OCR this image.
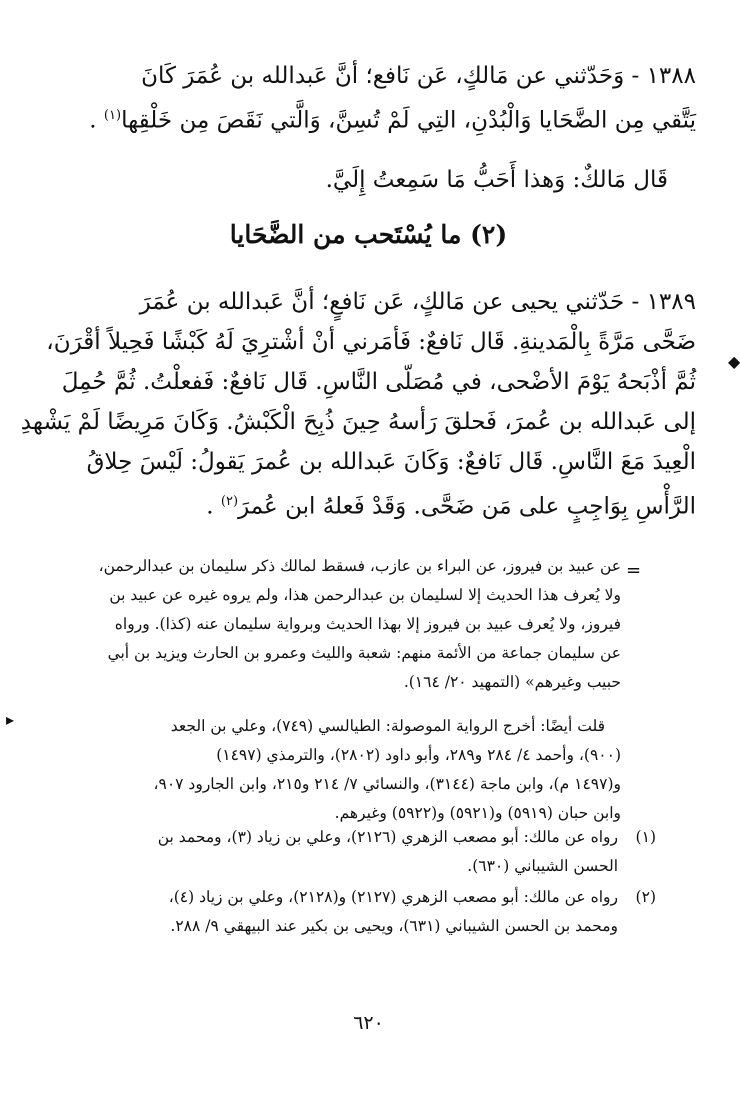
١٣٨٨ - وَحَدّثني عن مَالكٍ، عَن نَافع؛ أنَّ عَبدالله بن عُمَرَ كَانَ
يَتَّقي مِن الضَّحَايا وَالْبُدْنِ، التِي لَمْ تُسِنَّ، وَالَّتي نَقَصَ مِن خَلْقِها$^{(١)}$ .
قَال مَالكٌ: وَهذا أَحَبُّ مَا سَمِعتُ إِلَيَّ.
(٢) ما يُسْتَحب من الضَّحَايا
١٣٨٩ - حَدّثني يحيى عن مَالكٍ، عَن نَافعٍ؛ أنَّ عَبدالله بن عُمَرَ
ضَحَّى مَرَّةً بِالْمَدينةِ. قَال نَافعٌ: فَأمَرني أنْ أشْترِيَ لَهُ كَبْشًا فَحِيلاً أقْرَنَ،
ثُمَّ أذْبَحهُ يَوْمَ الأضْحى، في مُصَلّى النَّاسِ. قَال نَافعٌ: فَفعلْتُ. ثُمَّ حُمِلَ
إلى عَبدالله بن عُمرَ، فَحلقَ رَأسهُ حِينَ ذُبِحَ الْكَبْشُ. وَكَانَ مَرِيضًا لَمْ يَشْهدِ
الْعِيدَ مَعَ النَّاسِ. قَال نَافعٌ: وَكَانَ عَبدالله بن عُمرَ يَقولُ: لَيْسَ حِلاقُ
الرَّأْسِ بِوَاجِبٍ على مَن ضَحَّى. وَقَدْ فَعلهُ ابن عُمرَ$^{(٢)}$ .
=
عن عبيد بن فيروز، عن البراء بن عازب، فسقط لمالك ذكر سليمان بن عبدالرحمن،
ولا يُعرف هذا الحديث إلا لسليمان بن عبدالرحمن هذا، ولم يروه غيره عن عبيد بن
فيروز، ولا يُعرف عبيد بن فيروز إلا بهذا الحديث وبرواية سليمان عنه (كذا). ورواه
عن سليمان جماعة من الأئمة منهم: شعبة والليث وعمرو بن الحارث ويزيد بن أبي
حبيب وغيرهم» (التمهيد ٢٠/ ١٦٤).
قلت أيضًا: أخرج الرواية الموصولة: الطيالسي (٧٤٩)، وعلي بن الجعد
(٩٠٠)، وأحمد ٤/ ٢٨٤ و٢٨٩، وأبو داود (٢٨٠٢)، والترمذي (١٤٩٧)
و(١٤٩٧ م)، وابن ماجة (٣١٤٤)، والنسائي ٧/ ٢١٤ و٢١٥، وابن الجارود ٩٠٧،
وابن حبان (٥٩١٩) و(٥٩٢١) و(٥٩٢٢) وغيرهم.
(١)
رواه عن مالك: أبو مصعب الزهري (٢١٢٦)، وعلي بن زياد (٣)، ومحمد بن
الحسن الشيباني (٦٣٠).
(٢)
رواه عن مالك: أبو مصعب الزهري (٢١٢٧) و(٢١٢٨)، وعلي بن زياد (٤)،
ومحمد بن الحسن الشيباني (٦٣١)، ويحيى بن بكير عند البيهقي ٩/ ٢٨٨.
٦٢٠
◆
▸
